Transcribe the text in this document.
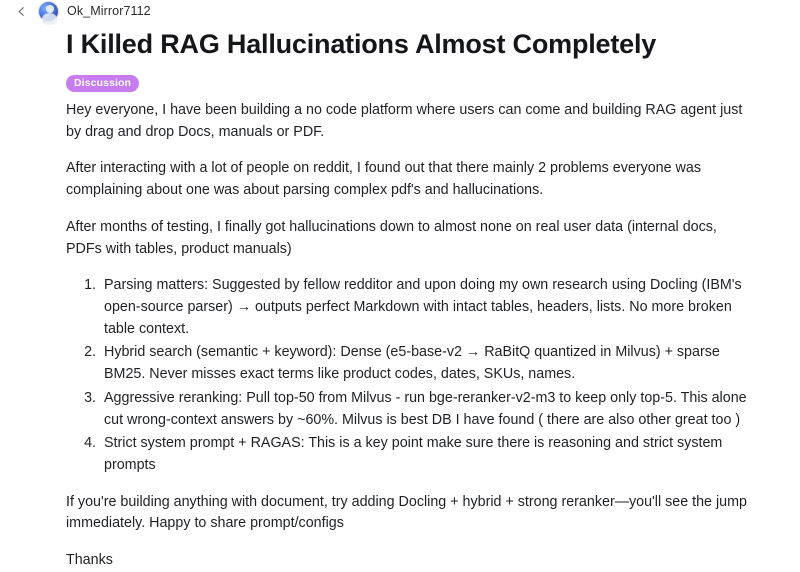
Ok_Mirror7112
I Killed RAG Hallucinations Almost Completely
Discussion

Hey everyone, I have been building a no code platform where users can come and building RAG agent just by drag and drop Docs, manuals or PDF.

After interacting with a lot of people on reddit, I found out that there mainly 2 problems everyone was complaining about one was about parsing complex pdf's and hallucinations.

After months of testing, I finally got hallucinations down to almost none on real user data (internal docs, PDFs with tables, product manuals)

1. Parsing matters: Suggested by fellow redditor and upon doing my own research using Docling (IBM's open-source parser) → outputs perfect Markdown with intact tables, headers, lists. No more broken table context.
2. Hybrid search (semantic + keyword): Dense (e5-base-v2 → RaBitQ quantized in Milvus) + sparse BM25. Never misses exact terms like product codes, dates, SKUs, names.
3. Aggressive reranking: Pull top-50 from Milvus - run bge-reranker-v2-m3 to keep only top-5. This alone cut wrong-context answers by ~60%. Milvus is best DB I have found ( there are also other great too )
4. Strict system prompt + RAGAS: This is a key point make sure there is reasoning and strict system prompts

If you're building anything with document, try adding Docling + hybrid + strong reranker—you'll see the jump immediately. Happy to share prompt/configs

Thanks
